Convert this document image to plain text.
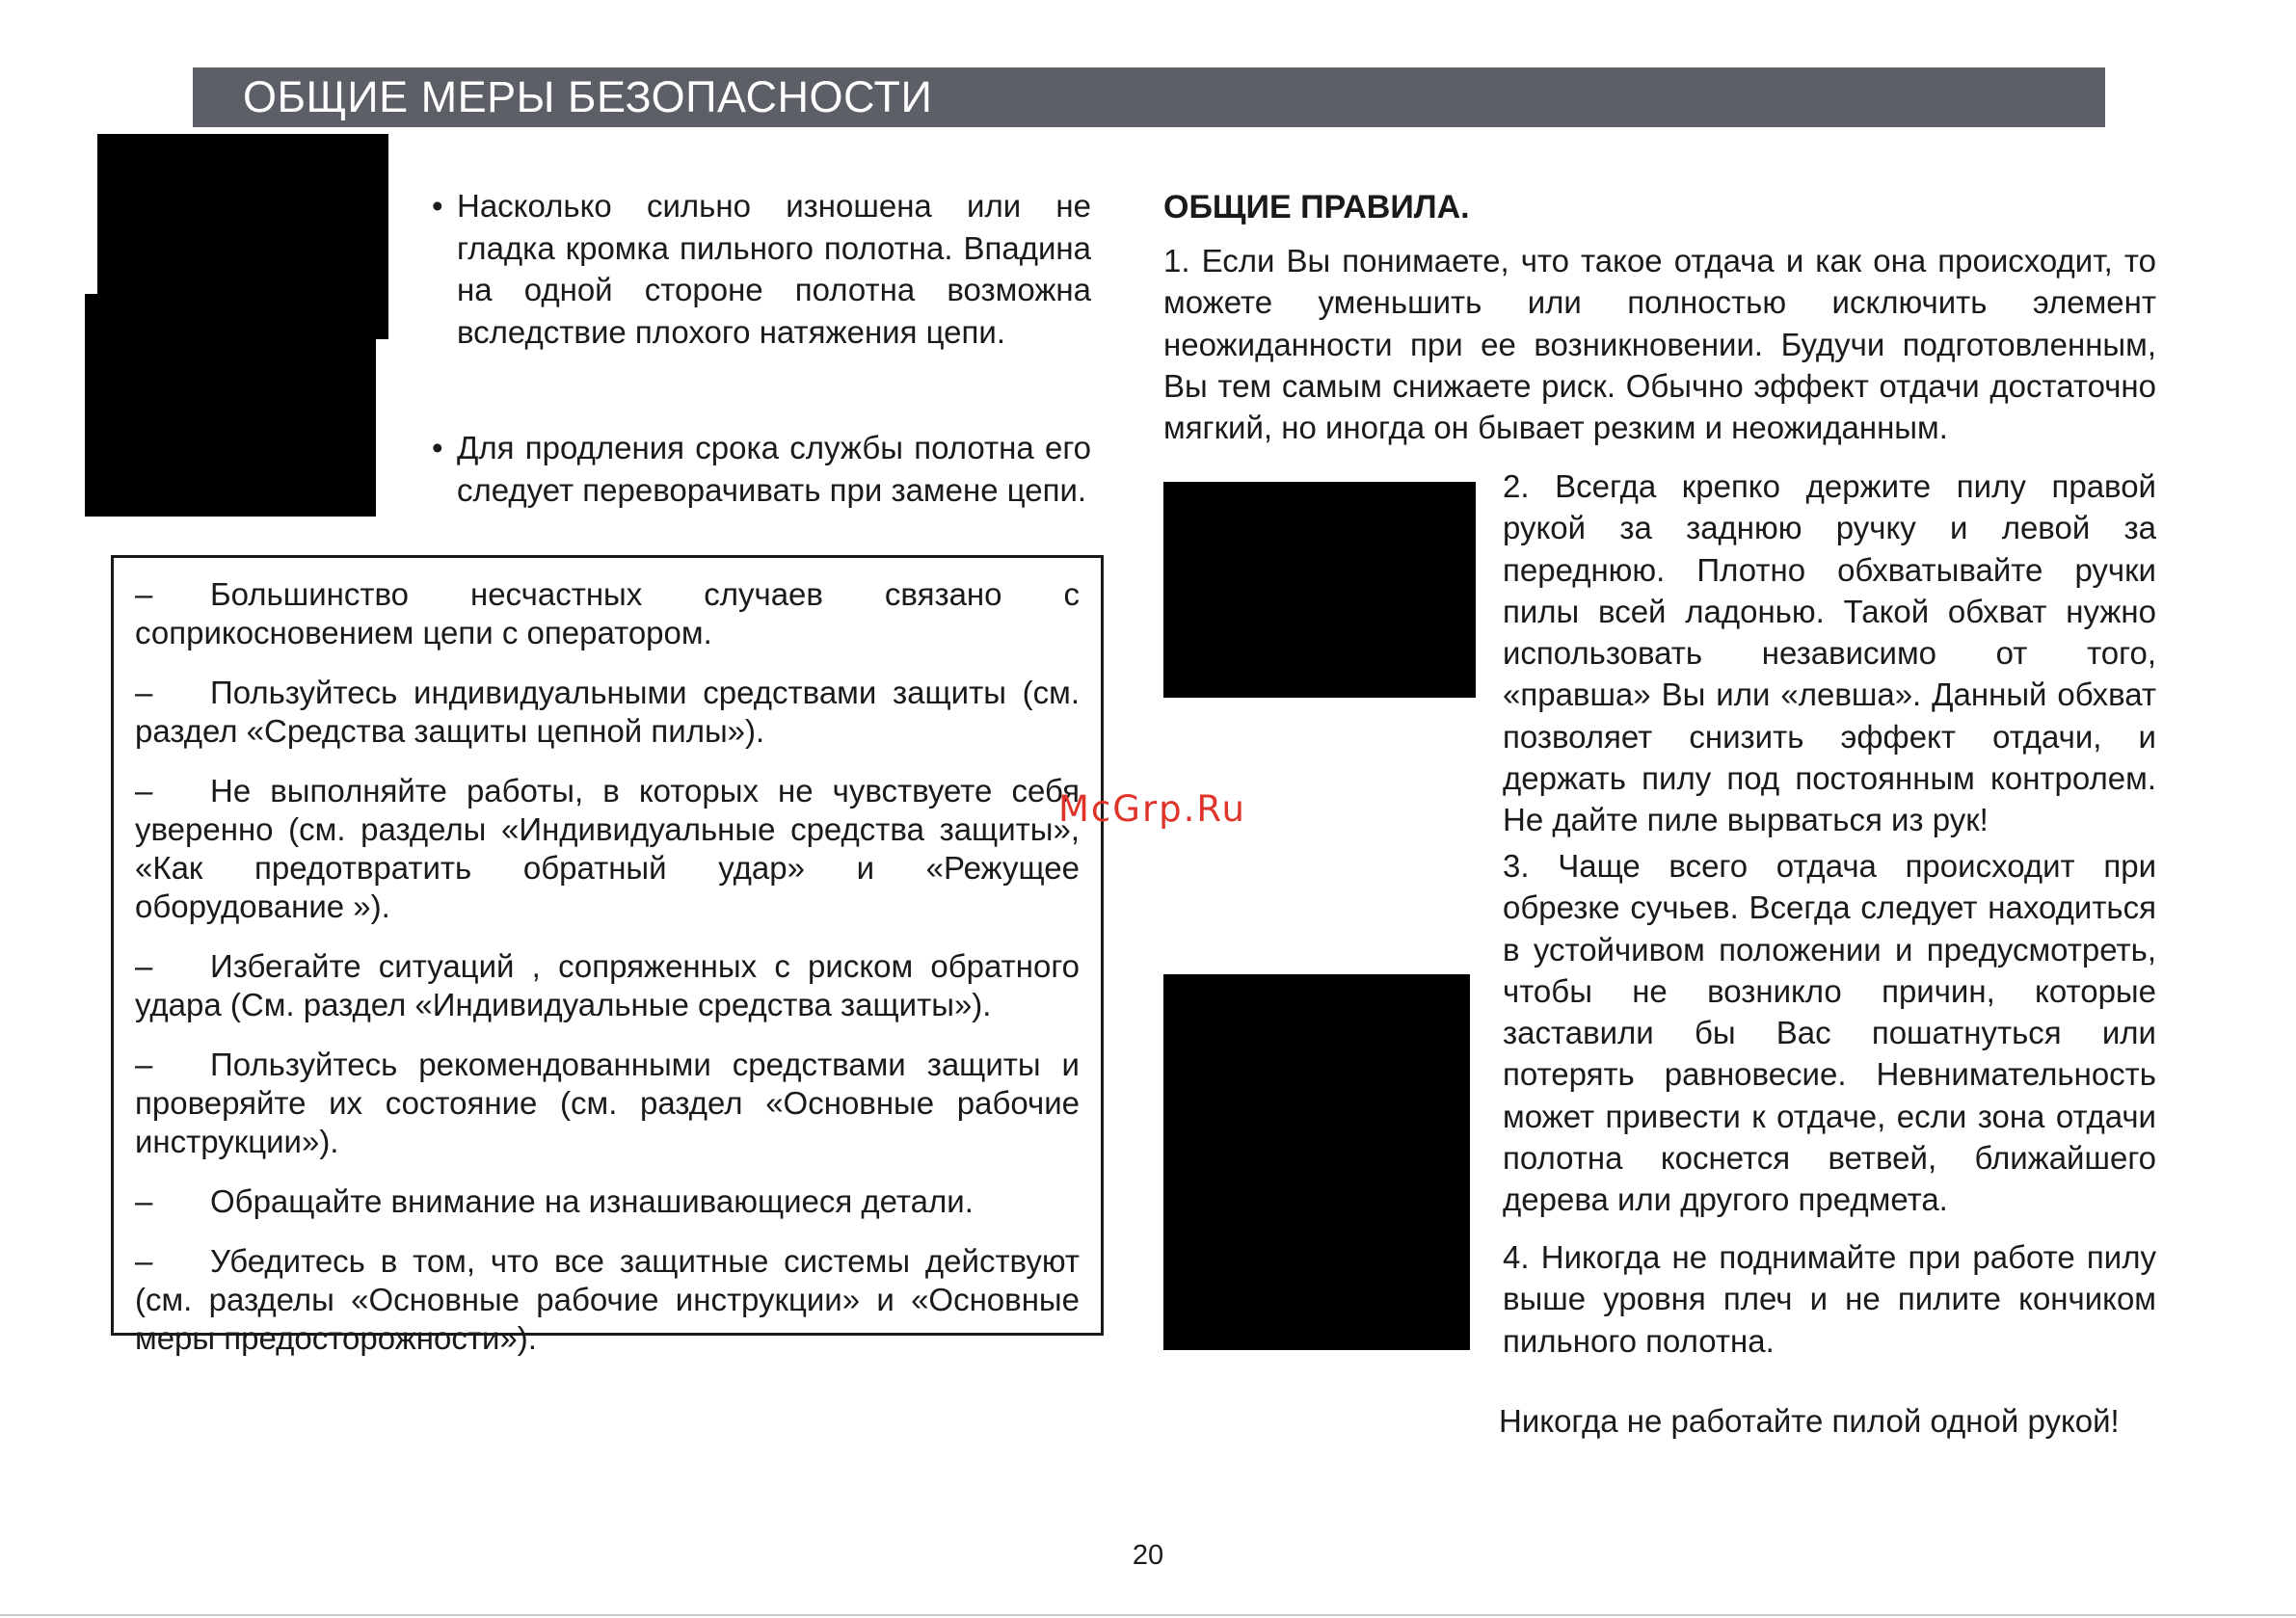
ОБЩИЕ МЕРЫ БЕЗОПАСНОСТИ
• Насколько сильно изношена или не гладка кромка пильного полотна. Впадина на одной стороне полотна возможна вследствие плохого натяжения цепи.
• Для продления срока службы полотна его следует переворачивать при замене цепи.

– Большинство несчастных случаев связано с соприкосновением цепи с оператором.

– Пользуйтесь индивидуальными средствами защиты (см. раздел «Средства защиты цепной пилы»).

– Не выполняйте работы, в которых не чувствуете себя уверенно (см. разделы «Индивидуальные средства защиты», «Как предотвратить обратный удар» и «Режущее оборудование »).

– Избегайте ситуаций , сопряженных с риском обратного удара (См. раздел «Индивидуальные средства защиты»).

– Пользуйтесь рекомендованными средствами защиты и проверяйте их состояние (см. раздел «Основные рабочие инструкции»).

– Обращайте внимание на изнашивающиеся детали.

– Убедитесь в том, что все защитные системы действуют (см. разделы «Основные рабочие инструкции» и «Основные меры предосторожности»).

ОБЩИЕ ПРАВИЛА.

1. Если Вы понимаете, что такое отдача и как она происходит, то можете уменьшить или полностью исключить элемент неожиданности при ее возникновении. Будучи подготовленным, Вы тем самым снижаете риск. Обычно эффект отдачи достаточно мягкий, но иногда он бывает резким и неожиданным.

2. Всегда крепко держите пилу правой рукой за заднюю ручку и левой за переднюю. Плотно обхватывайте ручки пилы всей ладонью. Такой обхват нужно использовать независимо от того, «правша» Вы или «левша». Данный обхват позволяет снизить эффект отдачи, и держать пилу под постоянным контролем. Не дайте пиле вырваться из рук!

3. Чаще всего отдача происходит при обрезке сучьев. Всегда следует находиться в устойчивом положении и предусмотреть, чтобы не возникло причин, которые заставили бы Вас пошатнуться или потерять равновесие. Невнимательность может привести к отдаче, если зона отдачи полотна коснется ветвей, ближайшего дерева или другого предмета.

4. Никогда не поднимайте при работе пилу выше уровня плеч и не пилите кончиком пильного полотна.

Никогда не работайте пилой одной рукой!

McGrp.Ru
20
